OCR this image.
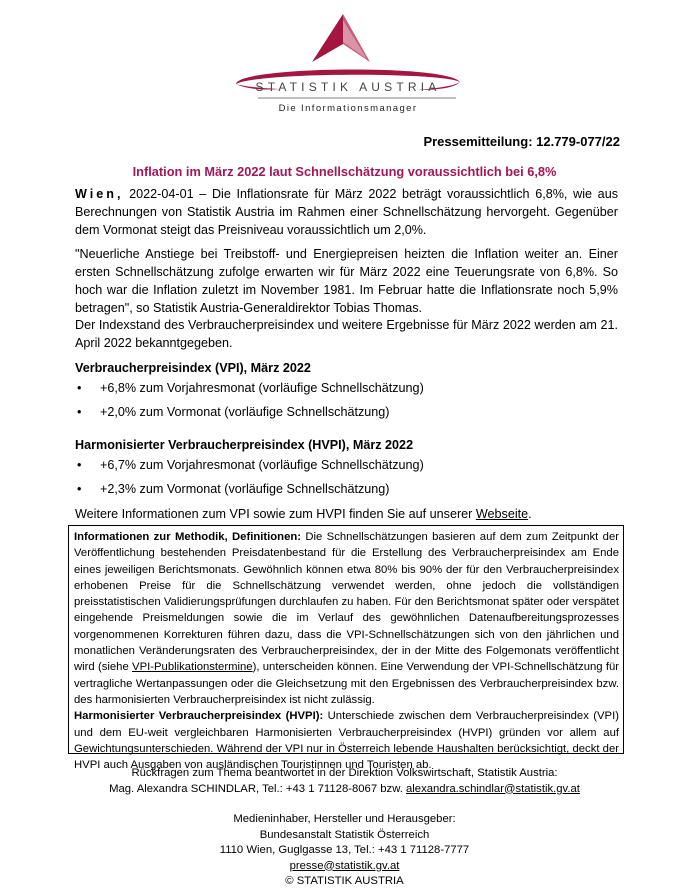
STATISTIK AUSTRIA
Die Informationsmanager
Pressemitteilung: 12.779-077/22
Inflation im März 2022 laut Schnellschätzung voraussichtlich bei 6,8%

Wien, 2022-04-01 – Die Inflationsrate für März 2022 beträgt voraussichtlich 6,8%, wie aus Berechnungen von Statistik Austria im Rahmen einer Schnellschätzung hervorgeht. Gegenüber dem Vormonat steigt das Preisniveau voraussichtlich um 2,0%.

"Neuerliche Anstiege bei Treibstoff- und Energiepreisen heizten die Inflation weiter an. Einer ersten Schnellschätzung zufolge erwarten wir für März 2022 eine Teuerungsrate von 6,8%. So hoch war die Inflation zuletzt im November 1981. Im Februar hatte die Inflationsrate noch 5,9% betragen", so Statistik Austria-Generaldirektor Tobias Thomas.

Der Indexstand des Verbraucherpreisindex und weitere Ergebnisse für März 2022 werden am 21. April 2022 bekanntgegeben.

Verbraucherpreisindex (VPI), März 2022
• +6,8% zum Vorjahresmonat (vorläufige Schnellschätzung)
• +2,0% zum Vormonat (vorläufige Schnellschätzung)
Harmonisierter Verbraucherpreisindex (HVPI), März 2022
• +6,7% zum Vorjahresmonat (vorläufige Schnellschätzung)
• +2,3% zum Vormonat (vorläufige Schnellschätzung)
Weitere Informationen zum VPI sowie zum HVPI finden Sie auf unserer Webseite.

Informationen zur Methodik, Definitionen: Die Schnellschätzungen basieren auf dem zum Zeitpunkt der Veröffentlichung bestehenden Preisdatenbestand für die Erstellung des Verbraucherpreisindex am Ende eines jeweiligen Berichtsmonats. Gewöhnlich können etwa 80% bis 90% der für den Verbraucherpreisindex erhobenen Preise für die Schnellschätzung verwendet werden, ohne jedoch die vollständigen preisstatistischen Validierungsprüfungen durchlaufen zu haben. Für den Berichtsmonat später oder verspätet eingehende Preismeldungen sowie die im Verlauf des gewöhnlichen Datenaufbereitungsprozesses vorgenommenen Korrekturen führen dazu, dass die VPI-Schnellschätzungen sich von den jährlichen und monatlichen Veränderungsraten des Verbraucherpreisindex, der in der Mitte des Folgemonats veröffentlicht wird (siehe VPI-Publikationstermine), unterscheiden können. Eine Verwendung der VPI-Schnellschätzung für vertragliche Wertanpassungen oder die Gleichsetzung mit den Ergebnissen des Verbraucherpreisindex bzw. des harmonisierten Verbraucherpreisindex ist nicht zulässig.

Harmonisierter Verbraucherpreisindex (HVPI): Unterschiede zwischen dem Verbraucherpreisindex (VPI) und dem EU-weit vergleichbaren Harmonisierten Verbraucherpreisindex (HVPI) gründen vor allem auf Gewichtungsunterschieden. Während der VPI nur in Österreich lebende Haushalten berücksichtigt, deckt der HVPI auch Ausgaben von ausländischen Touristinnen und Touristen ab.

Rückfragen zum Thema beantwortet in der Direktion Volkswirtschaft, Statistik Austria:
Mag. Alexandra SCHINDLAR, Tel.: +43 1 71128-8067 bzw. alexandra.schindlar@statistik.gv.at
Medieninhaber, Hersteller und Herausgeber:
Bundesanstalt Statistik Österreich
1110 Wien, Guglgasse 13, Tel.: +43 1 71128-7777
presse@statistik.gv.at
© STATISTIK AUSTRIA
